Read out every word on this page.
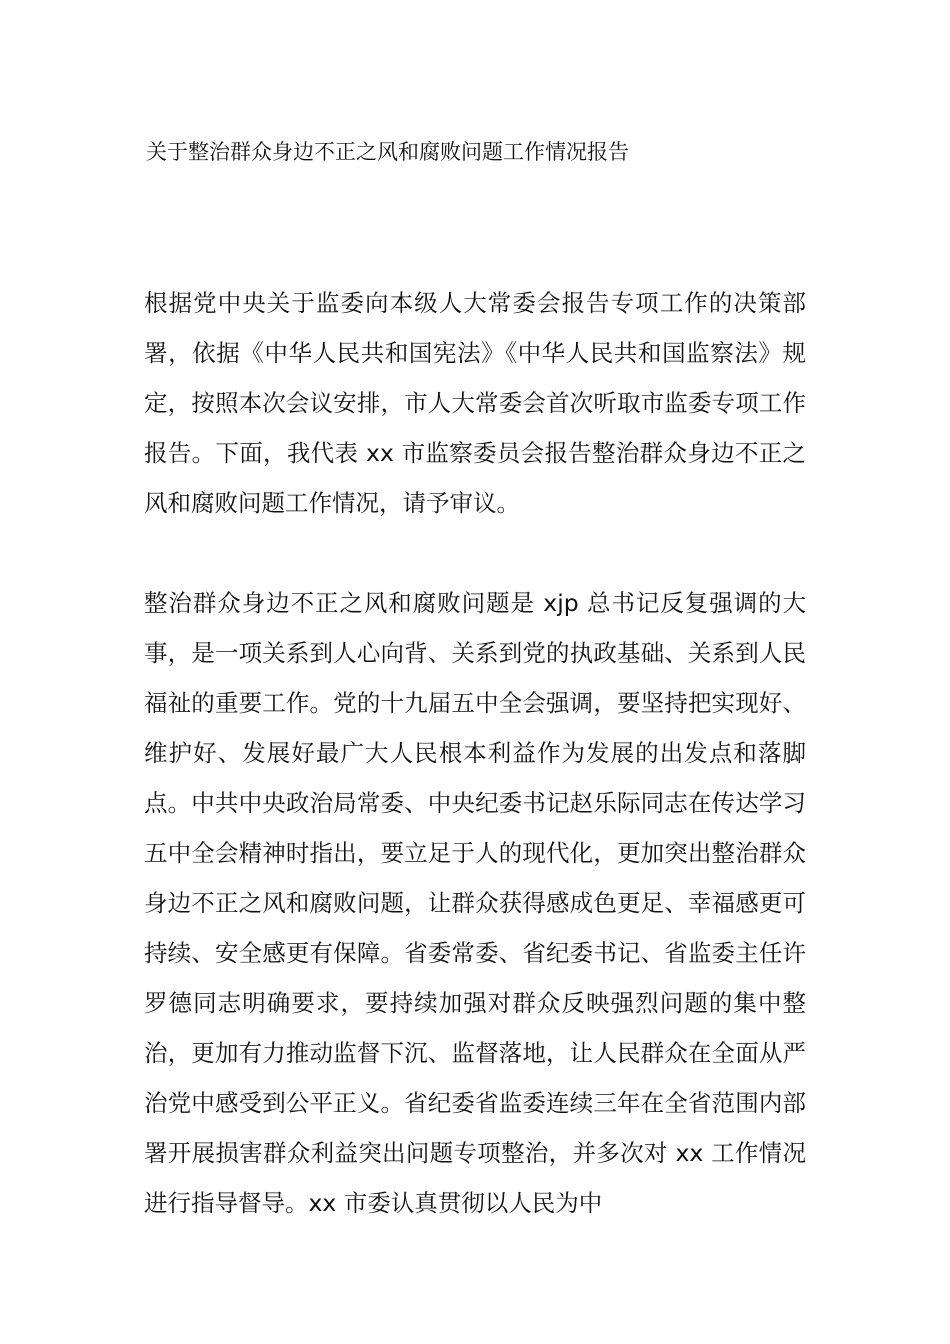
关于整治群众身边不正之风和腐败问题工作情况报告

根据党中央关于监委向本级人大常委会报告专项工作的决策部署，依据《中华人民共和国宪法》《中华人民共和国监察法》规定，按照本次会议安排，市人大常委会首次听取市监委专项工作报告。下面，我代表 xx 市监察委员会报告整治群众身边不正之风和腐败问题工作情况，请予审议。

整治群众身边不正之风和腐败问题是 xjp 总书记反复强调的大事，是一项关系到人心向背、关系到党的执政基础、关系到人民福祉的重要工作。党的十九届五中全会强调，要坚持把实现好、维护好、发展好最广大人民根本利益作为发展的出发点和落脚点。中共中央政治局常委、中央纪委书记赵乐际同志在传达学习五中全会精神时指出，要立足于人的现代化，更加突出整治群众身边不正之风和腐败问题，让群众获得感成色更足、幸福感更可持续、安全感更有保障。省委常委、省纪委书记、省监委主任许罗德同志明确要求，要持续加强对群众反映强烈问题的集中整治，更加有力推动监督下沉、监督落地，让人民群众在全面从严治党中感受到公平正义。省纪委省监委连续三年在全省范围内部署开展损害群众利益突出问题专项整治，并多次对 xx 工作情况进行指导督导。xx 市委认真贯彻以人民为中
